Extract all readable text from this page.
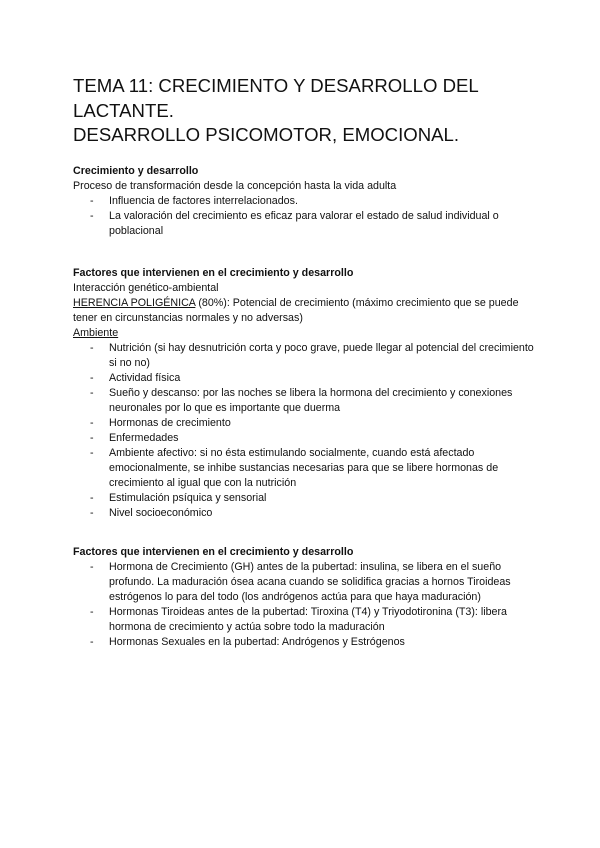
TEMA 11: CRECIMIENTO Y DESARROLLO DEL
LACTANTE.
DESARROLLO PSICOMOTOR, EMOCIONAL.
Crecimiento y desarrollo
Proceso de transformación desde la concepción hasta la vida adulta
- Influencia de factores interrelacionados.
- La valoración del crecimiento es eficaz para valorar el estado de salud individual o poblacional
Factores que intervienen en el crecimiento y desarrollo
Interacción genético-ambiental
HERENCIA POLIGÉNICA (80%): Potencial de crecimiento (máximo crecimiento que se puede tener en circunstancias normales y no adversas)
Ambiente
- Nutrición (si hay desnutrición corta y poco grave, puede llegar al potencial del crecimiento si no no)
- Actividad física
- Sueño y descanso: por las noches se libera la hormona del crecimiento y conexiones neuronales por lo que es importante que duerma
- Hormonas de crecimiento
- Enfermedades
- Ambiente afectivo: si no ésta estimulando socialmente, cuando está afectado emocionalmente, se inhibe sustancias necesarias para que se libere hormonas de crecimiento al igual que con la nutrición
- Estimulación psíquica y sensorial
- Nivel socioeconómico
Factores que intervienen en el crecimiento y desarrollo
- Hormona de Crecimiento (GH) antes de la pubertad: insulina, se libera en el sueño profundo. La maduración ósea acana cuando se solidifica gracias a hornos Tiroideas estrógenos lo para del todo (los andrógenos actúa para que haya maduración)
- Hormonas Tiroideas antes de la pubertad: Tiroxina (T4) y Triyodotironina (T3): libera hormona de crecimiento y actúa sobre todo la maduración
- Hormonas Sexuales en la pubertad: Andrógenos y Estrógenos
